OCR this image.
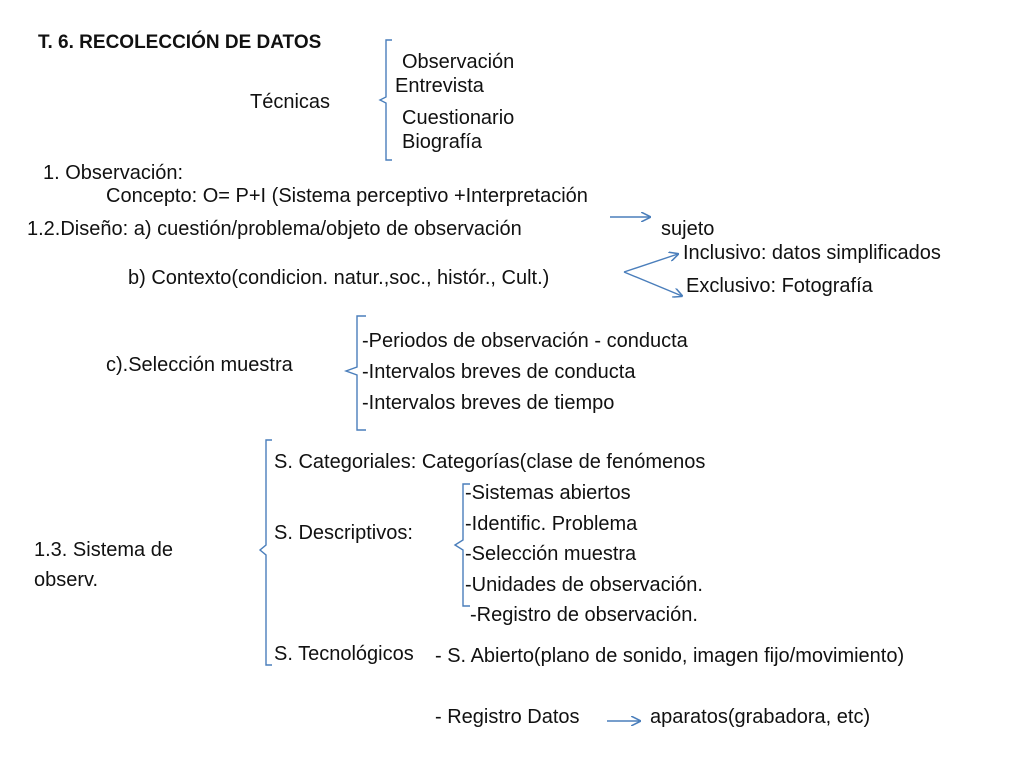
T. 6. RECOLECCIÓN DE DATOS
Técnicas
Observación
Entrevista
Cuestionario
Biografía
1. Observación:
Concepto: O= P+I (Sistema perceptivo +Interpretación
1.2.Diseño: a) cuestión/problema/objeto de observación	sujeto
Inclusivo: datos simplificados
b) Contexto(condicion. natur.,soc., histór., Cult.)	Exclusivo: Fotografía
c).Selección muestra
-Periodos de observación - conducta
-Intervalos breves de conducta
-Intervalos breves de tiempo
1.3. Sistema de
observ.
S. Categoriales: Categorías(clase de fenómenos
S. Descriptivos:
-Sistemas abiertos
-Identific. Problema
-Selección muestra
-Unidades de observación.
-Registro de observación.
S. Tecnológicos - S. Abierto(plano de sonido, imagen fijo/movimiento)
- Registro Datos	aparatos(grabadora, etc)
